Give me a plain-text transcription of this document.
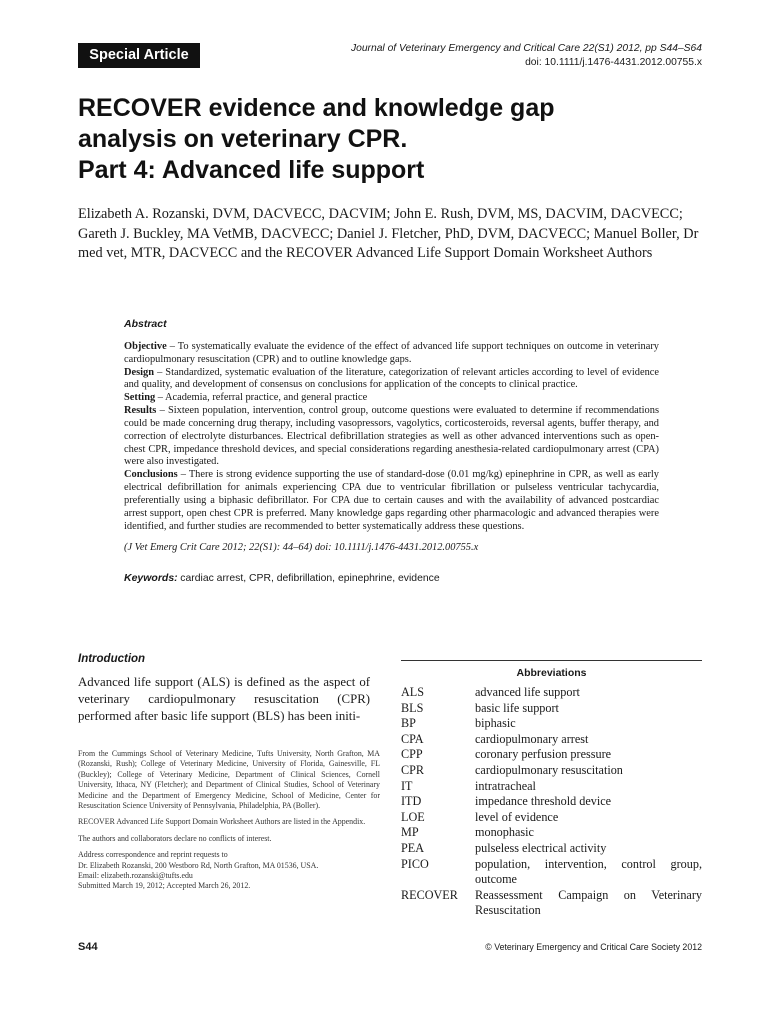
Special Article	Journal of Veterinary Emergency and Critical Care 22(S1) 2012, pp S44–S64
doi: 10.1111/j.1476-4431.2012.00755.x
RECOVER evidence and knowledge gap
analysis on veterinary CPR.
Part 4: Advanced life support
Elizabeth A. Rozanski, DVM, DACVECC, DACVIM; John E. Rush, DVM, MS, DACVIM, DACVECC; Gareth J. Buckley, MA VetMB, DACVECC; Daniel J. Fletcher, PhD, DVM, DACVECC; Manuel Boller, Dr med vet, MTR, DACVECC and the RECOVER Advanced Life Support Domain Worksheet Authors
Abstract

Objective – To systematically evaluate the evidence of the effect of advanced life support techniques on outcome in veterinary cardiopulmonary resuscitation (CPR) and to outline knowledge gaps.

Design – Standardized, systematic evaluation of the literature, categorization of relevant articles according to level of evidence and quality, and development of consensus on conclusions for application of the concepts to clinical practice.

Setting – Academia, referral practice, and general practice

Results – Sixteen population, intervention, control group, outcome questions were evaluated to determine if recommendations could be made concerning drug therapy, including vasopressors, vagolytics, corticosteroids, reversal agents, buffer therapy, and correction of electrolyte disturbances. Electrical defibrillation strategies as well as other advanced interventions such as open-chest CPR, impedance threshold devices, and special considerations regarding anesthesia-related cardiopulmonary arrest (CPA) were also investigated.

Conclusions – There is strong evidence supporting the use of standard-dose (0.01 mg/kg) epinephrine in CPR, as well as early electrical defibrillation for animals experiencing CPA due to ventricular fibrillation or pulseless ventricular tachycardia, preferentially using a biphasic defibrillator. For CPA due to certain causes and with the availability of advanced postcardiac arrest support, open chest CPR is preferred. Many knowledge gaps regarding other pharmacologic and advanced therapies were identified, and further studies are recommended to better systematically address these questions.

(J Vet Emerg Crit Care 2012; 22(S1): 44–64) doi: 10.1111/j.1476-4431.2012.00755.x

Keywords: cardiac arrest, CPR, defibrillation, epinephrine, evidence
Introduction

Advanced life support (ALS) is defined as the aspect of veterinary cardiopulmonary resuscitation (CPR) performed after basic life support (BLS) has been initi-

From the Cummings School of Veterinary Medicine, Tufts University, North Grafton, MA (Rozanski, Rush); College of Veterinary Medicine, University of Florida, Gainesville, FL (Buckley); College of Veterinary Medicine, Department of Clinical Sciences, Cornell University, Ithaca, NY (Fletcher); and Department of Clinical Studies, School of Veterinary Medicine and the Department of Emergency Medicine, School of Medicine, Center for Resuscitation Science University of Pennsylvania, Philadelphia, PA (Boller).

RECOVER Advanced Life Support Domain Worksheet Authors are listed in the Appendix.

The authors and collaborators declare no conflicts of interest.

Address correspondence and reprint requests to
Dr. Elizabeth Rozanski, 200 Westboro Rd, North Grafton, MA 01536, USA.
Email: elizabeth.rozanski@tufts.edu
Submitted March 19, 2012; Accepted March 26, 2012.

Abbreviations
ALS	advanced life support
BLS	basic life support
BP	biphasic
CPA	cardiopulmonary arrest
CPP	coronary perfusion pressure
CPR	cardiopulmonary resuscitation
IT	intratracheal
ITD	impedance threshold device
LOE	level of evidence
MP	monophasic
PEA	pulseless electrical activity
PICO	population, intervention, control group, outcome
RECOVER	Reassessment Campaign on Veterinary Resuscitation
S44	© Veterinary Emergency and Critical Care Society 2012
